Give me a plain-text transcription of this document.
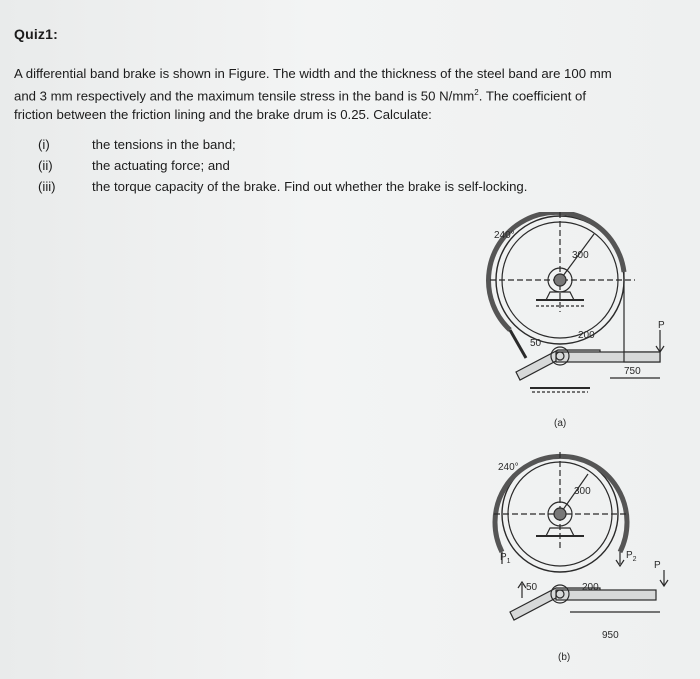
Quiz1:
A differential band brake is shown in Figure. The width and the thickness of the steel band are 100 mm
and 3 mm respectively and the maximum tensile stress in the band is 50 $N/mm^2$. The coefficient of
friction between the friction lining and the brake drum is 0.25. Calculate:
(i)	the tensions in the band;
(ii)	the actuating force; and
(iii)	the torque capacity of the brake. Find out whether the brake is self-locking.
240°
300
50
200
750
P
(a)
240°
300
$P_1$
$P_2$
50	200
950
P
(b)
